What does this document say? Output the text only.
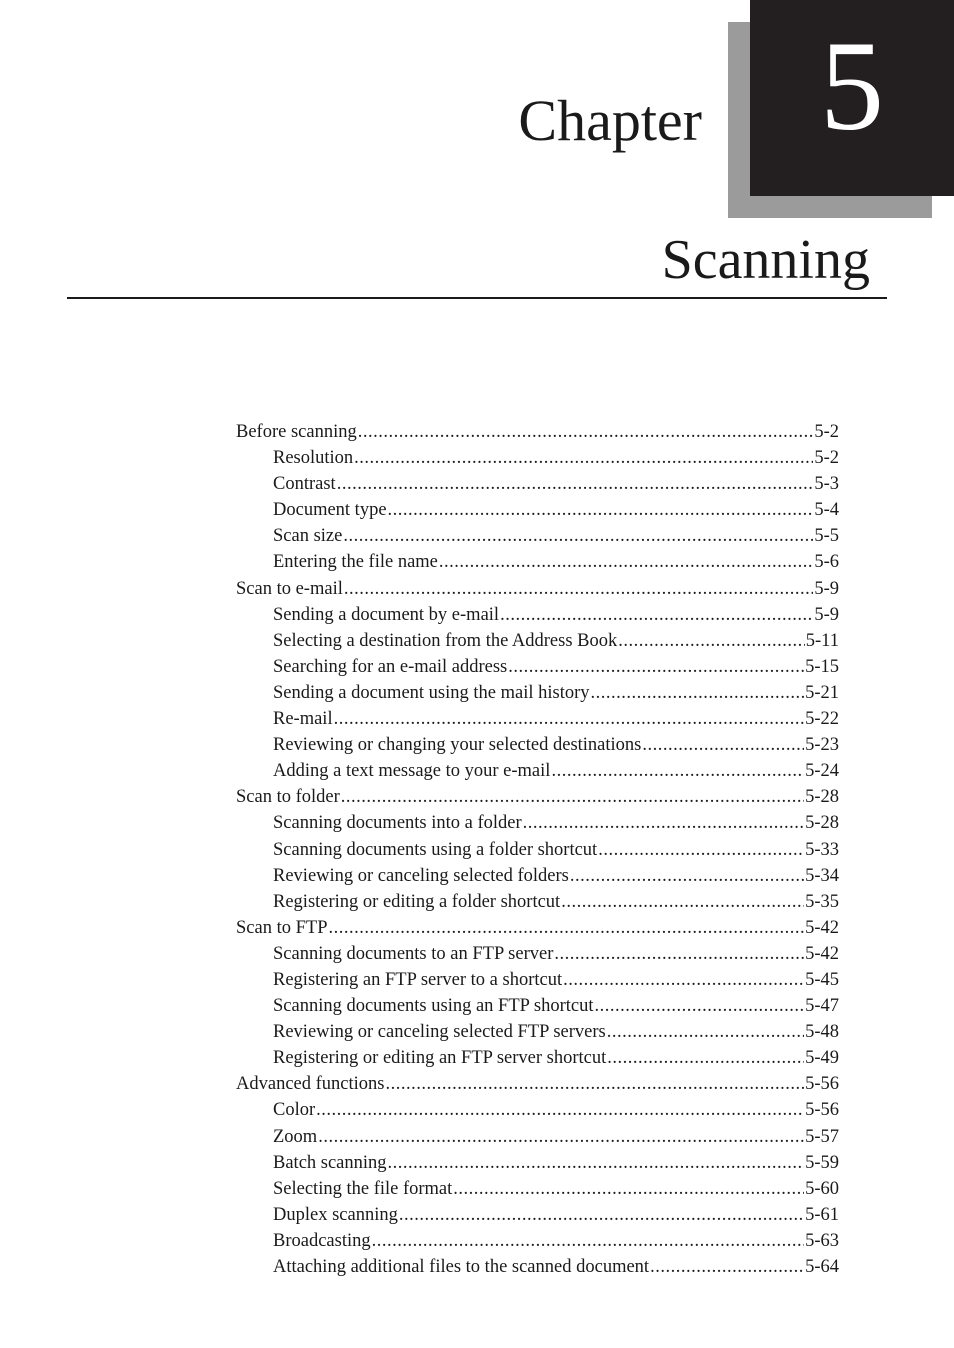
Chapter 5
Scanning
Before scanning .....	5-2
Resolution .....	5-2
Contrast .....	5-3
Document type .....	5-4
Scan size .....	5-5
Entering the file name .....	5-6
Scan to e-mail .....	5-9
Sending a document by e-mail .....	5-9
Selecting a destination from the Address Book .....	5-11
Searching for an e-mail address .....	5-15
Sending a document using the mail history .....	5-21
Re-mail .....	5-22
Reviewing or changing your selected destinations .....	5-23
Adding a text message to your e-mail .....	5-24
Scan to folder .....	5-28
Scanning documents into a folder .....	5-28
Scanning documents using a folder shortcut .....	5-33
Reviewing or canceling selected folders .....	5-34
Registering or editing a folder shortcut .....	5-35
Scan to FTP .....	5-42
Scanning documents to an FTP server .....	5-42
Registering an FTP server to a shortcut .....	5-45
Scanning documents using an FTP shortcut .....	5-47
Reviewing or canceling selected FTP servers .....	5-48
Registering or editing an FTP server shortcut .....	5-49
Advanced functions .....	5-56
Color .....	5-56
Zoom .....	5-57
Batch scanning .....	5-59
Selecting the file format .....	5-60
Duplex scanning .....	5-61
Broadcasting .....	5-63
Attaching additional files to the scanned document .....	5-64
